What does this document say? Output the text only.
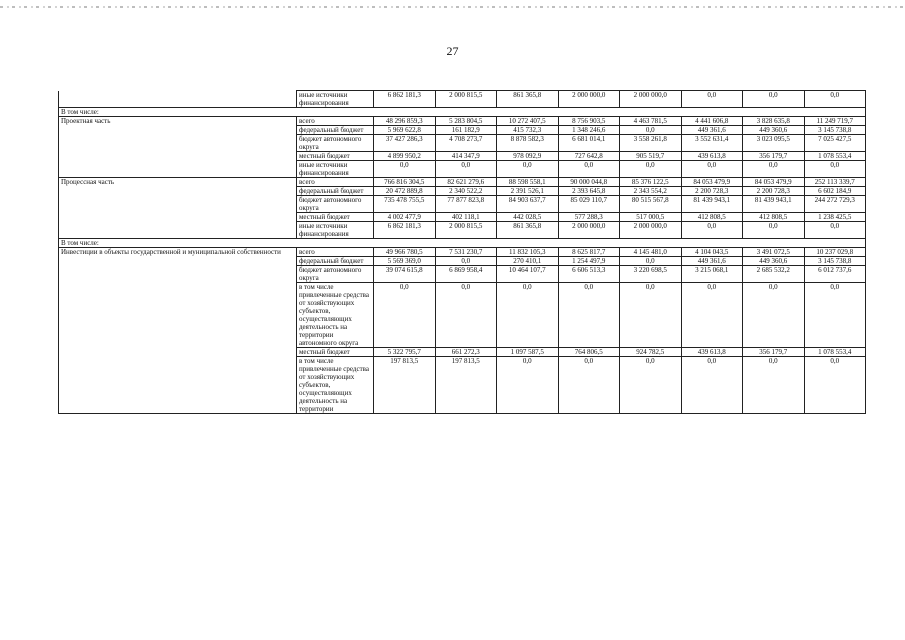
27
	иные источники финансирования	6 862 181,3	2 000 815,5	861 365,8	2 000 000,0	2 000 000,0	0,0	0,0	0,0
В том числе:									
Проектная часть	всего	48 296 859,3	5 283 804,5	10 272 407,5	8 756 903,5	4 463 781,5	4 441 606,8	3 828 635,8	11 249 719,7
	федеральный бюджет	5 969 622,8	161 182,9	415 732,3	1 348 246,6	0,0	449 361,6	449 360,6	3 145 738,8
	бюджет автономного округа	37 427 286,3	4 708 273,7	8 878 582,3	6 681 014,1	3 558 261,8	3 552 631,4	3 023 095,5	7 025 427,5
	местный бюджет	4 899 950,2	414 347,9	978 092,9	727 642,8	905 519,7	439 613,8	356 179,7	1 078 553,4
	иные источники финансирования	0,0	0,0	0,0	0,0	0,0	0,0	0,0	0,0
Процессная часть	всего	766 816 304,5	82 621 279,6	88 598 558,1	90 000 044,8	85 376 122,5	84 053 479,9	84 053 479,9	252 113 339,7
	федеральный бюджет	20 472 889,8	2 340 522,2	2 391 526,1	2 393 645,8	2 343 554,2	2 200 728,3	2 200 728,3	6 602 184,9
	бюджет автономного округа	735 478 755,5	77 877 823,8	84 903 637,7	85 029 110,7	80 515 567,8	81 439 943,1	81 439 943,1	244 272 729,3
	местный бюджет	4 002 477,9	402 118,1	442 028,5	577 288,3	517 000,5	412 808,5	412 808,5	1 238 425,5
	иные источники финансирования	6 862 181,3	2 000 815,5	861 365,8	2 000 000,0	2 000 000,0	0,0	0,0	0,0
В том числе:									
Инвестиции в объекты государственной и муниципальной собственности	всего	49 966 780,5	7 531 230,7	11 832 105,3	8 625 817,7	4 145 481,0	4 104 043,5	3 491 072,5	10 237 029,8
	федеральный бюджет	5 569 369,0	0,0	270 410,1	1 254 497,9	0,0	449 361,6	449 360,6	3 145 738,8
	бюджет автономного округа	39 074 615,8	6 869 958,4	10 464 107,7	6 606 513,3	3 220 698,5	3 215 068,1	2 685 532,2	6 012 737,6
	в том числе привлеченные средства от хозяйствующих субъектов, осуществляющих деятельность на территории автономного округа	0,0	0,0	0,0	0,0	0,0	0,0	0,0	0,0
	местный бюджет	5 322 795,7	661 272,3	1 097 587,5	764 806,5	924 782,5	439 613,8	356 179,7	1 078 553,4
	в том числе привлеченные средства от хозяйствующих субъектов, осуществляющих деятельность на территории	197 813,5	197 813,5	0,0	0,0	0,0	0,0	0,0	0,0
